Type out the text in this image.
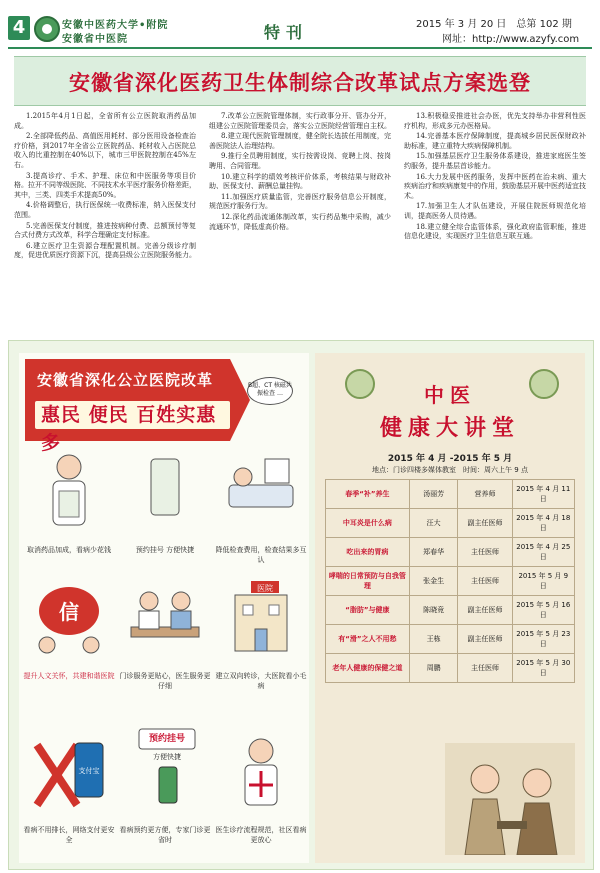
4	安徽中医药大学•附院
安徽省中医院	特刊	2015 年 3 月 20 日　总第 102 期
网址：http://www.azyfy.com
安徽省深化医药卫生体制综合改革试点方案选登

1.2015年4月1日起，全省所有公立医院取消药品加成。

2.全部降低药品、高值医用耗材、部分医用设备检查治疗价格，到2017年全省公立医院药品、耗材收入占医院总收入的比重控制在40%以下，城市三甲医院控制在45%左右。

3.提高诊疗、手术、护理、床位和中医服务等项目价格。拉开不同等级医院、不同技术水平医疗服务价格差距，其中，三类、四类手术提高50%。

4.价格调整后，执行医保统一收费标准，纳入医保支付范围。

5.完善医保支付制度，推进按病种付费、总额预付等复合式付费方式改革，科学合理确定支付标准。

6.建立医疗卫生资源合理配置机制。完善分级诊疗制度，促进优质医疗资源下沉，提高县级公立医院服务能力。

7.改革公立医院管理体制，实行政事分开、管办分开，组建公立医院管理委员会，落实公立医院经营管理自主权。

8.建立现代医院管理制度，健全院长选拔任用制度，完善医院法人治理结构。

9.推行全员聘用制度，实行按需设岗、竞聘上岗、按岗聘用、合同管理。

10.建立科学的绩效考核评价体系，考核结果与财政补助、医保支付、薪酬总量挂钩。

11.加强医疗质量监管，完善医疗服务信息公开制度，规范医疗服务行为。

12.深化药品流通体制改革，实行药品集中采购，减少流通环节，降低虚高价格。

13.积极稳妥推进社会办医，优先支持举办非营利性医疗机构，形成多元办医格局。

14.完善基本医疗保障制度，提高城乡居民医保财政补助标准，建立重特大疾病保障机制。

15.加强基层医疗卫生服务体系建设，推进家庭医生签约服务，提升基层首诊能力。

16.大力发展中医药服务，发挥中医药在治未病、重大疾病治疗和疾病康复中的作用，鼓励基层开展中医药适宜技术。

17.加强卫生人才队伍建设，开展住院医师规范化培训，提高医务人员待遇。

18.建立健全综合监管体系，强化政府监管职能，推进信息化建设，实现医疗卫生信息互联互通。

安徽省深化公立医院改革
惠民 便民 百姓实惠多
B超、CT 核磁共振检查 …
取消药品加成，看病少花钱	预约挂号 方便快捷	降低检查费用，检查结果多互认
信
提升人文关怀，共建和谐医院 门诊服务更贴心，医生服务更仔细
医院
建立双向转诊，大医院看小毛病
支付宝
看病不用排长，网络支付更安全
预约挂号
方便快捷
看病预约更方便，专家门诊更省时
医生诊疗流程规范，社区看病更放心
中医
健康大讲堂
2015 年 4 月 -2015 年 5 月
地点：门诊四楼多媒体教室　时间：周六上午 9 点
春季“补”养生	汤丽芳	营养师	2015 年 4 月 11 日
中耳炎是什么病	汪大	副主任医师	2015 年 4 月 18 日
吃出来的胃病	郑春华	主任医师	2015 年 4 月 25 日
哮喘的日常预防与自我管理	张金生	主任医师	2015 年 5 月 9 日
“脂肪”与健康	陈晓竟	副主任医师	2015 年 5 月 16 日
有“滑”之人不用愁	王栋	副主任医师	2015 年 5 月 23 日
老年人健康的保健之道	周鹏	主任医师	2015 年 5 月 30 日
